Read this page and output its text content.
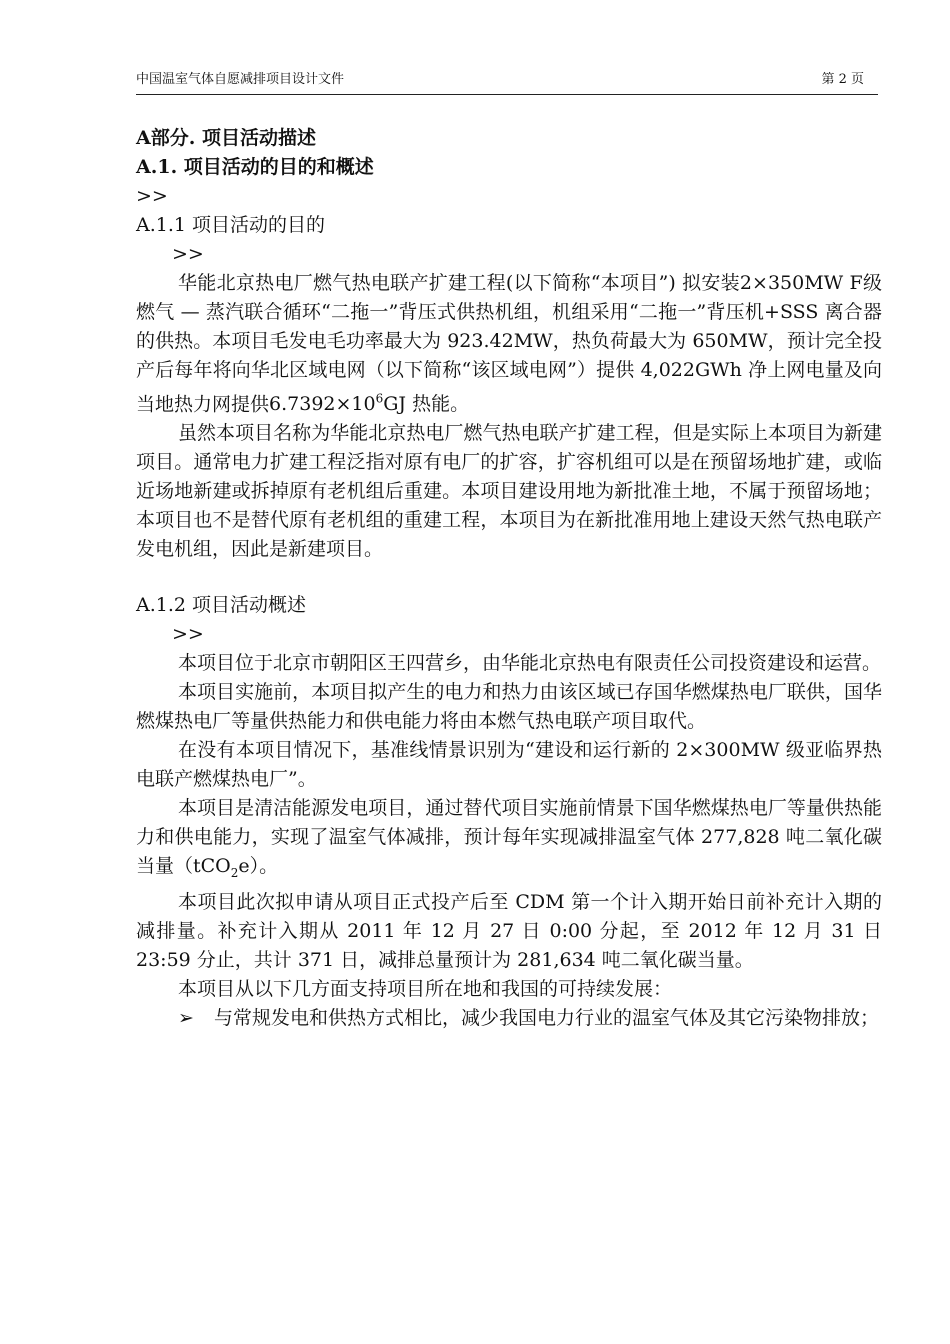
中国温室气体自愿减排项目设计文件	第 2 页
A部分. 项目活动描述
A.1. 项目活动的目的和概述
>>
A.1.1 项目活动的目的
>>

华能北京热电厂燃气热电联产扩建工程(以下简称“本项目”) 拟安装2×350MW F级燃气 — 蒸汽联合循环“二拖一”背压式供热机组，机组采用“二拖一”背压机+SSS 离合器的供热。本项目毛发电毛功率最大为 923.42MW，热负荷最大为 650MW，预计完全投产后每年将向华北区域电网（以下简称“该区域电网”）提供 4,022GWh 净上网电量及向当地热力网提供$6.7392\times 10^6GJ$ 热能。

虽然本项目名称为华能北京热电厂燃气热电联产扩建工程，但是实际上本项目为新建项目。通常电力扩建工程泛指对原有电厂的扩容，扩容机组可以是在预留场地扩建，或临近场地新建或拆掉原有老机组后重建。本项目建设用地为新批准土地，不属于预留场地；本项目也不是替代原有老机组的重建工程，本项目为在新批准用地上建设天然气热电联产发电机组，因此是新建项目。

A.1.2 项目活动概述
>>

本项目位于北京市朝阳区王四营乡，由华能北京热电有限责任公司投资建设和运营。

本项目实施前，本项目拟产生的电力和热力由该区域已存国华燃煤热电厂联供，国华燃煤热电厂等量供热能力和供电能力将由本燃气热电联产项目取代。

在没有本项目情况下，基准线情景识别为“建设和运行新的 2×300MW 级亚临界热电联产燃煤热电厂”。

本项目是清洁能源发电项目，通过替代项目实施前情景下国华燃煤热电厂等量供热能力和供电能力，实现了温室气体减排，预计每年实现减排温室气体 277,828 吨二氧化碳当量（tCO$_2$e）。

本项目此次拟申请从项目正式投产后至 CDM 第一个计入期开始日前补充计入期的减排量。补充计入期从 2011 年 12 月 27 日 0:00 分起，至 2012 年 12 月 31 日 23:59 分止，共计 371 日，减排总量预计为 281,634 吨二氧化碳当量。

本项目从以下几方面支持项目所在地和我国的可持续发展：

➢	与常规发电和供热方式相比，减少我国电力行业的温室气体及其它污染物排放；
